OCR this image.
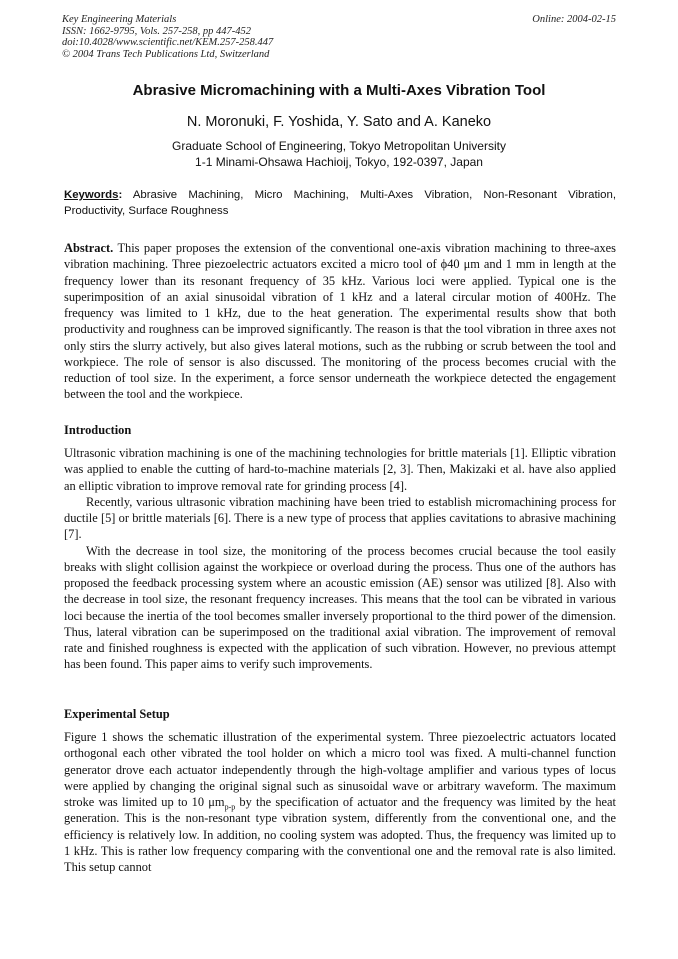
Key Engineering Materials	Online: 2004-02-15
ISSN: 1662-9795, Vols. 257-258, pp 447-452
doi:10.4028/www.scientific.net/KEM.257-258.447
© 2004 Trans Tech Publications Ltd, Switzerland
Abrasive Micromachining with a Multi-Axes Vibration Tool
N. Moronuki, F. Yoshida, Y. Sato and A. Kaneko
Graduate School of Engineering, Tokyo Metropolitan University
1-1 Minami-Ohsawa Hachioij, Tokyo, 192-0397, Japan
Keywords: Abrasive Machining, Micro Machining, Multi-Axes Vibration, Non-Resonant Vibration, Productivity, Surface Roughness
Abstract. This paper proposes the extension of the conventional one-axis vibration machining to three-axes vibration machining. Three piezoelectric actuators excited a micro tool of ϕ40 μm and 1 mm in length at the frequency lower than its resonant frequency of 35 kHz. Various loci were applied. Typical one is the superimposition of an axial sinusoidal vibration of 1 kHz and a lateral circular motion of 400Hz. The frequency was limited to 1 kHz, due to the heat generation. The experimental results show that both productivity and roughness can be improved significantly. The reason is that the tool vibration in three axes not only stirs the slurry actively, but also gives lateral motions, such as the rubbing or scrub between the tool and workpiece. The role of sensor is also discussed. The monitoring of the process becomes crucial with the reduction of tool size. In the experiment, a force sensor underneath the workpiece detected the engagement between the tool and the workpiece.
Introduction

Ultrasonic vibration machining is one of the machining technologies for brittle materials [1]. Elliptic vibration was applied to enable the cutting of hard-to-machine materials [2, 3]. Then, Makizaki et al. have also applied an elliptic vibration to improve removal rate for grinding process [4].

Recently, various ultrasonic vibration machining have been tried to establish micromachining process for ductile [5] or brittle materials [6]. There is a new type of process that applies cavitations to abrasive machining [7].

With the decrease in tool size, the monitoring of the process becomes crucial because the tool easily breaks with slight collision against the workpiece or overload during the process. Thus one of the authors has proposed the feedback processing system where an acoustic emission (AE) sensor was utilized [8]. Also with the decrease in tool size, the resonant frequency increases. This means that the tool can be vibrated in various loci because the inertia of the tool becomes smaller inversely proportional to the third power of the dimension. Thus, lateral vibration can be superimposed on the traditional axial vibration. The improvement of removal rate and finished roughness is expected with the application of such vibration. However, no previous attempt has been found. This paper aims to verify such improvements.

Experimental Setup

Figure 1 shows the schematic illustration of the experimental system. Three piezoelectric actuators located orthogonal each other vibrated the tool holder on which a micro tool was fixed. A multi-channel function generator drove each actuator independently through the high-voltage amplifier and various types of locus were applied by changing the original signal such as sinusoidal wave or arbitrary waveform. The maximum stroke was limited up to 10 $\mu m_{p-p}$ by the specification of actuator and the frequency was limited by the heat generation. This is the non-resonant type vibration system, differently from the conventional one, and the efficiency is relatively low. In addition, no cooling system was adopted. Thus, the frequency was limited up to 1 kHz. This is rather low frequency comparing with the conventional one and the removal rate is also limited. This setup cannot
